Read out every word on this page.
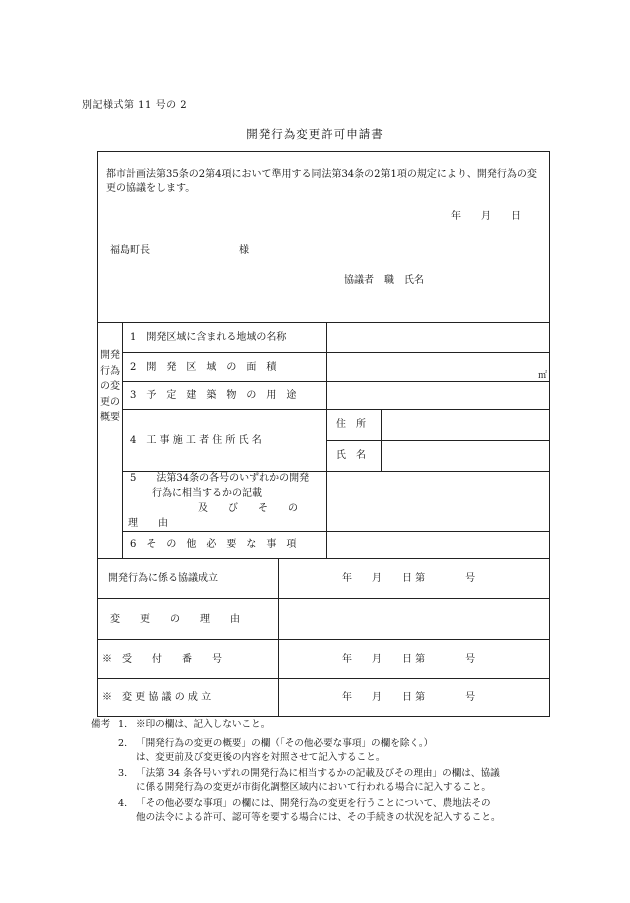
別記様式第 11 号の 2
開発行為変更許可申請書
都市計画法第35条の2第4項において準用する同法第34条の2第1項の規定により、開発行為の変更の協議をします。
年　　月　　日
福島町長	様
協議者　職　氏名
開発行為の変更の概要
1　開発区域に含まれる地域の名称
2　開　発　区　域　の　面　積
㎡
3　予　定　建　築　物　の　用　途
4　工 事 施 工 者 住 所 氏 名
住　所
氏　名
5　　法第34条の各号のいずれかの開発
行為に相当するかの記載
及　　び　　そ　　の
理　　由
6　そ　の　他　必　要　な　事　項
開発行為に係る協議成立	年　　月　　日 第　　　　号
変　　更　　の　　理　　由
※　受　　付　　番　　号	年　　月　　日 第　　　　号
※　変 更 協 議 の 成 立	年　　月　　日 第　　　　号
備考 1. ※印の欄は、記入しないこと。
2. 「開発行為の変更の概要」の欄（「その他必要な事項」の欄を除く。）
は、変更前及び変更後の内容を対照させて記入すること。
3. 「法第 34 条各号いずれの開発行為に相当するかの記載及びその理由」の欄は、協議
に係る開発行為の変更が市街化調整区域内において行われる場合に記入すること。
4. 「その他必要な事項」の欄には、開発行為の変更を行うことについて、農地法その
他の法令による許可、認可等を要する場合には、その手続きの状況を記入すること。
